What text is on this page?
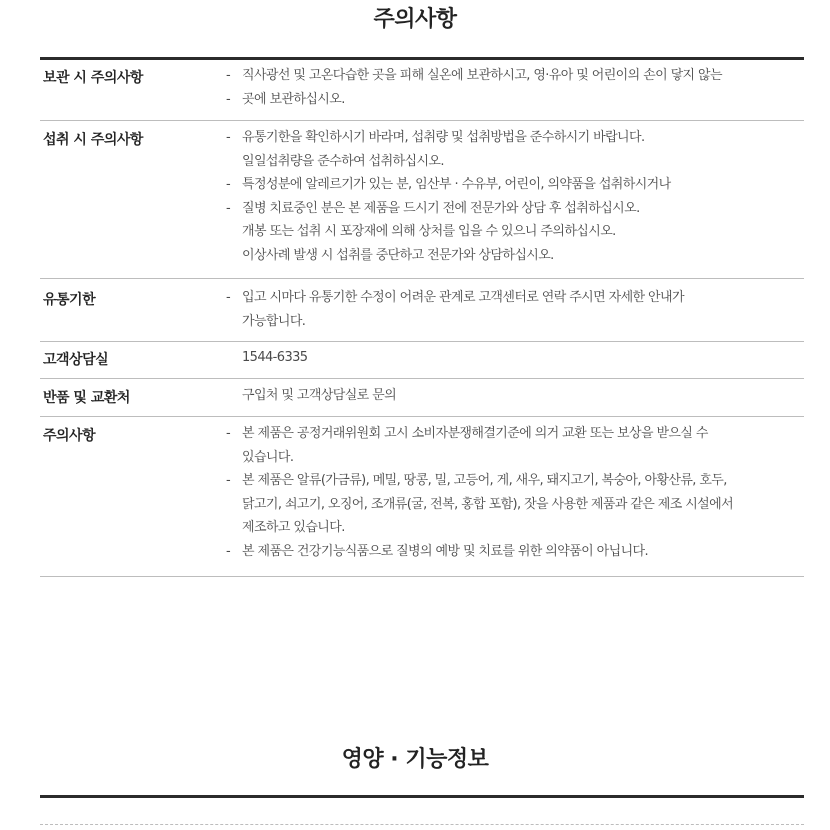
주의사항
보관 시 주의사항	- 직사광선 및 고온다습한 곳을 피해 실온에 보관하시고, 영·유아 및 어린이의 손이 닿지 않는
- 곳에 보관하십시오.
섭취 시 주의사항	- 유통기한을 확인하시기 바라며, 섭취량 및 섭취방법을 준수하시기 바랍니다.
일일섭취량을 준수하여 섭취하십시오.
- 특정성분에 알레르기가 있는 분, 임산부 · 수유부, 어린이, 의약품을 섭취하시거나
- 질병 치료중인 분은 본 제품을 드시기 전에 전문가와 상담 후 섭취하십시오.
개봉 또는 섭취 시 포장재에 의해 상처를 입을 수 있으니 주의하십시오.
이상사례 발생 시 섭취를 중단하고 전문가와 상담하십시오.
유통기한	- 입고 시마다 유통기한 수정이 어려운 관계로 고객센터로 연락 주시면 자세한 안내가
가능합니다.
고객상담실	1544-6335
반품 및 교환처	구입처 및 고객상담실로 문의
주의사항	- 본 제품은 공정거래위원회 고시 소비자분쟁해결기준에 의거 교환 또는 보상을 받으실 수
있습니다.
- 본 제품은 알류(가금류), 메밀, 땅콩, 밀, 고등어, 게, 새우, 돼지고기, 복숭아, 아황산류, 호두,
닭고기, 쇠고기, 오징어, 조개류(굴, 전복, 홍합 포함), 잣을 사용한 제품과 같은 제조 시설에서
제조하고 있습니다.
- 본 제품은 건강기능식품으로 질병의 예방 및 치료를 위한 의약품이 아닙니다.
영양 · 기능정보
